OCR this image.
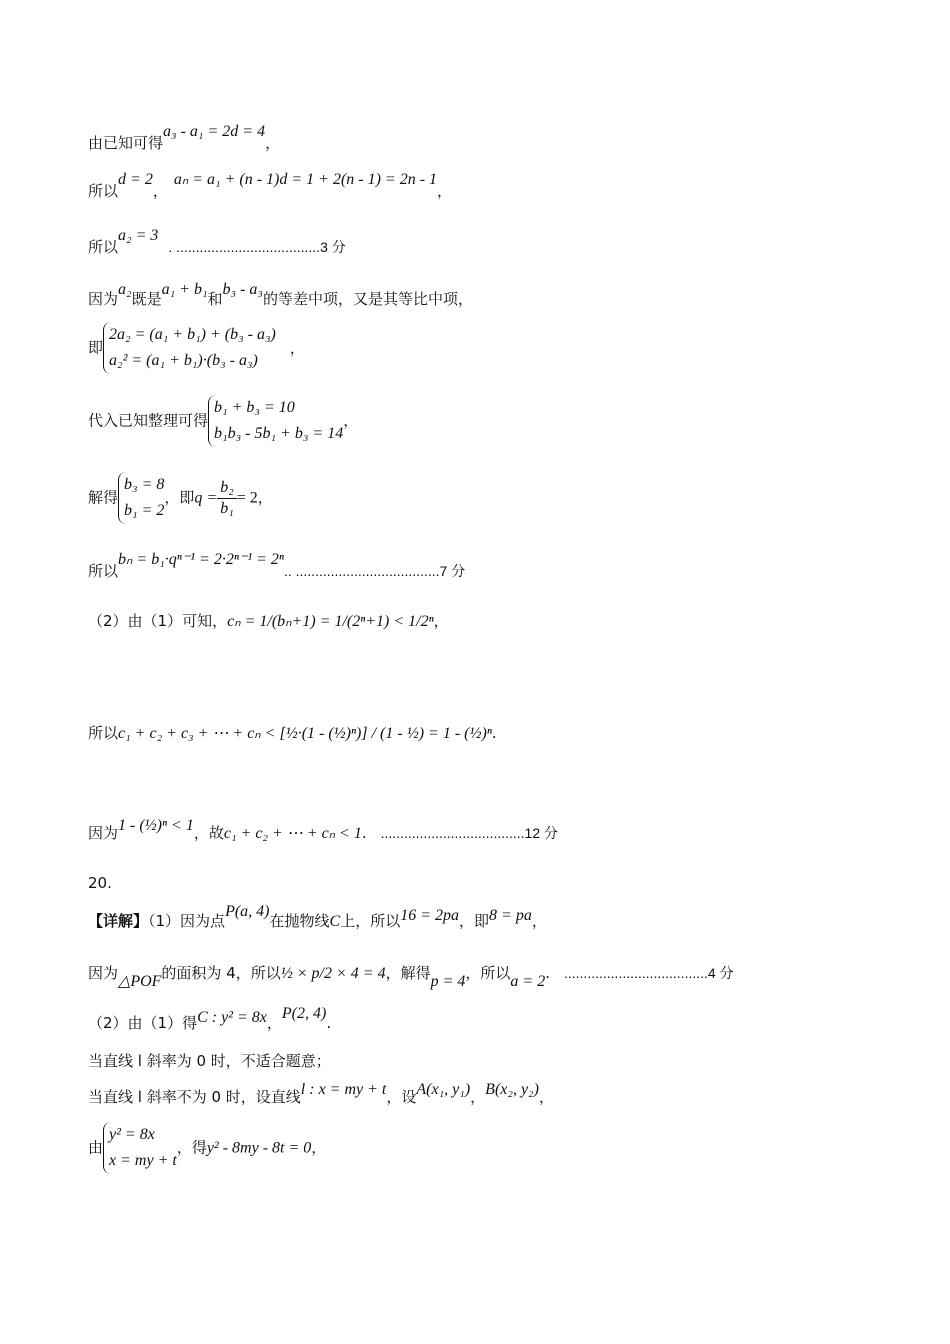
由已知可得a₃ - a₁ = 2d = 4，
所以d = 2，aₙ = a₁ + (n - 1)d = 1 + 2(n - 1) = 2n - 1，
所以a₂ = 3. .....................................3 分
因为a₂既是a₁ + b₁和b₃ - a₃的等差中项，又是其等比中项，
即
2a₂ = (a₁ + b₁) + (b₃ - a₃)
a₂² = (a₁ + b₁)·(b₃ - a₃)
，
代入已知整理可得
b₁ + b₃ = 10
b₁b₃ - 5b₁ + b₃ = 14
，
解得
b₃ = 8
b₁ = 2
，即$q = \frac{\text{b₂}}{\text{b₁}} = 2$，
所以bₙ = b₁·qⁿ⁻¹ = 2·2ⁿ⁻¹ = 2ⁿ.. .....................................7 分
（2）由（1）可知，cₙ = 1/(bₙ+1) = 1/(2ⁿ+1) < 1/2ⁿ，
所以c₁ + c₂ + c₃ + ⋯ + cₙ < [½·(1 - (½)ⁿ)] / (1 - ½) = 1 - (½)ⁿ.
因为1 - (½)ⁿ < 1，故c₁ + c₂ + ⋯ + cₙ < 1. .....................................12 分
20.
【详解】（1）因为点P(a, 4)在抛物线C上，所以16 = 2pa，即8 = pa，
因为△POF的面积为 4，所以½ × p/2 × 4 = 4，解得p = 4，所以a = 2. .....................................4 分
（2）由（1）得C : y² = 8x，P(2, 4).
当直线 l 斜率为 0 时，不适合题意；
当直线 l 斜率不为 0 时，设直线l : x = my + t，设A(x₁, y₁)，B(x₂, y₂)，
由
y² = 8x
x = my + t
，得y² - 8my - 8t = 0，
